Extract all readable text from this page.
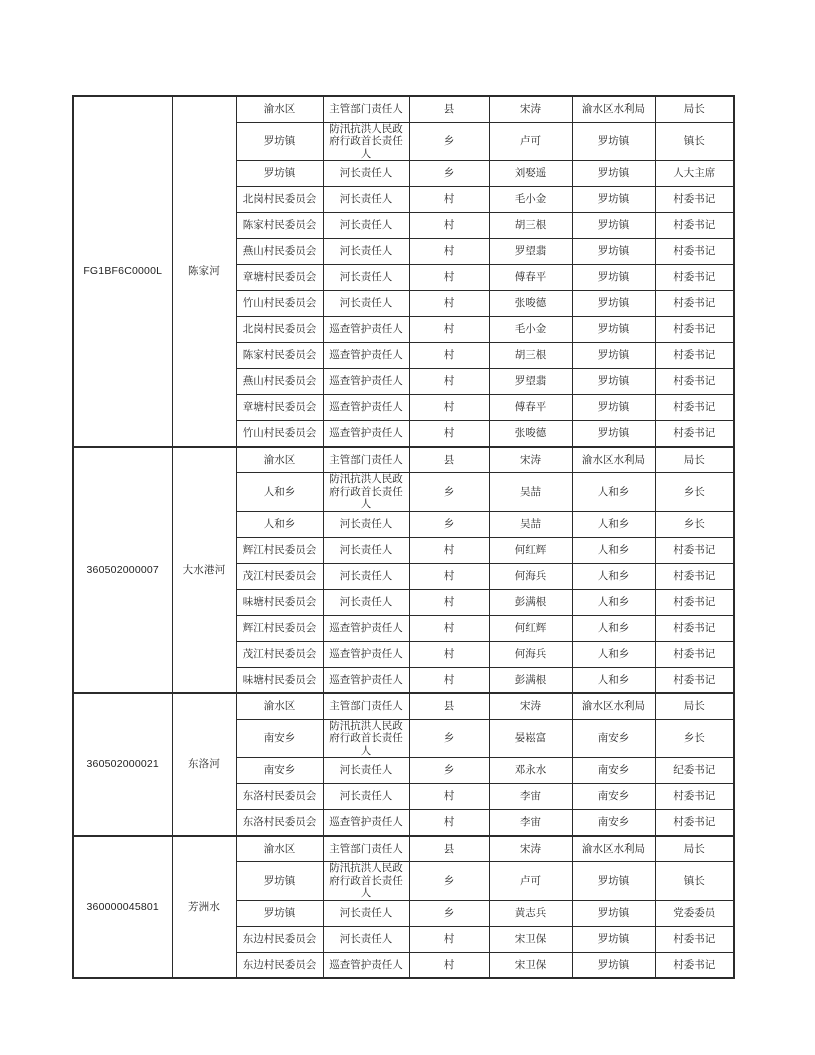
FG1BF6C0000L	陈家河	渝水区	主管部门责任人	县	宋涛	渝水区水利局	局长
		罗坊镇	防汛抗洪人民政府行政首长责任人	乡	卢可	罗坊镇	镇长
		罗坊镇	河长责任人	乡	刘娶遥	罗坊镇	人大主席
		北岗村民委员会	河长责任人	村	毛小金	罗坊镇	村委书记
		陈家村民委员会	河长责任人	村	胡三根	罗坊镇	村委书记
		燕山村民委员会	河长责任人	村	罗望翡	罗坊镇	村委书记
		章塘村民委员会	河长责任人	村	傅春平	罗坊镇	村委书记
		竹山村民委员会	河长责任人	村	张唆德	罗坊镇	村委书记
		北岗村民委员会	巡查管护责任人	村	毛小金	罗坊镇	村委书记
		陈家村民委员会	巡查管护责任人	村	胡三根	罗坊镇	村委书记
		燕山村民委员会	巡查管护责任人	村	罗望翡	罗坊镇	村委书记
		章塘村民委员会	巡查管护责任人	村	傅春平	罗坊镇	村委书记
		竹山村民委员会	巡查管护责任人	村	张唆德	罗坊镇	村委书记
360502000007	大水港河	渝水区	主管部门责任人	县	宋涛	渝水区水利局	局长
		人和乡	防汛抗洪人民政府行政首长责任人	乡	吴喆	人和乡	乡长
		人和乡	河长责任人	乡	吴喆	人和乡	乡长
		辉江村民委员会	河长责任人	村	何红辉	人和乡	村委书记
		茂江村民委员会	河长责任人	村	何海兵	人和乡	村委书记
		味塘村民委员会	河长责任人	村	彭满根	人和乡	村委书记
		辉江村民委员会	巡查管护责任人	村	何红辉	人和乡	村委书记
		茂江村民委员会	巡查管护责任人	村	何海兵	人和乡	村委书记
		味塘村民委员会	巡查管护责任人	村	彭满根	人和乡	村委书记
360502000021	东洛河	渝水区	主管部门责任人	县	宋涛	渝水区水利局	局长
		南安乡	防汛抗洪人民政府行政首长责任人	乡	晏崧富	南安乡	乡长
		南安乡	河长责任人	乡	邓永水	南安乡	纪委书记
		东洛村民委员会	河长责任人	村	李宙	南安乡	村委书记
		东洛村民委员会	巡查管护责任人	村	李宙	南安乡	村委书记
360000045801	芳洲水	渝水区	主管部门责任人	县	宋涛	渝水区水利局	局长
		罗坊镇	防汛抗洪人民政府行政首长责任人	乡	卢可	罗坊镇	镇长
		罗坊镇	河长责任人	乡	黄志兵	罗坊镇	党委委员
		东边村民委员会	河长责任人	村	宋卫保	罗坊镇	村委书记
		东边村民委员会	巡查管护责任人	村	宋卫保	罗坊镇	村委书记
